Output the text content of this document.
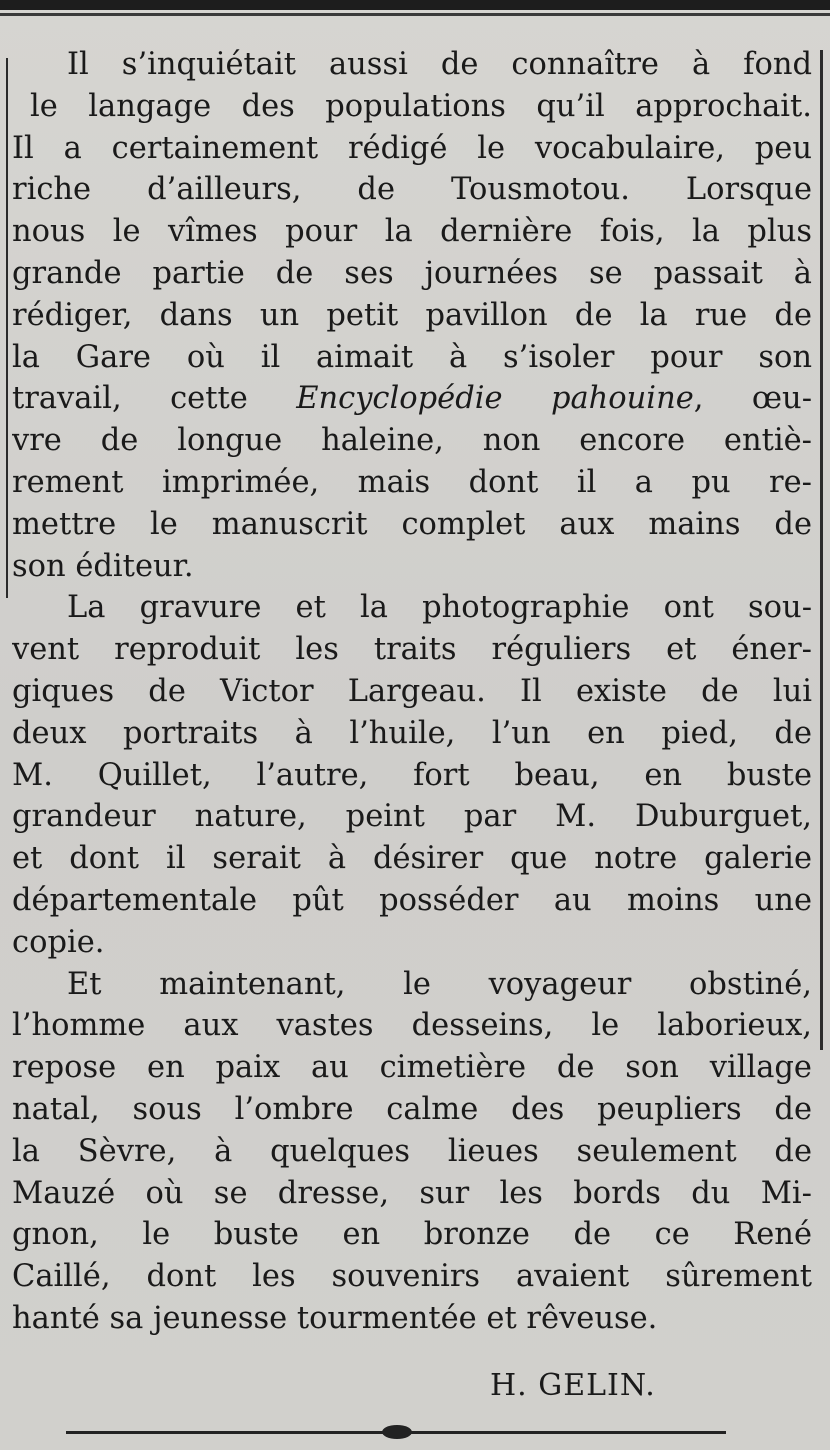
Il s’inquiétait aussi de connaître à fond
le langage des populations qu’il approchait.
Il a certainement rédigé le vocabulaire, peu
riche d’ailleurs, de Tousmotou. Lorsque
nous le vîmes pour la dernière fois, la plus
grande partie de ses journées se passait à
rédiger, dans un petit pavillon de la rue de
la Gare où il aimait à s’isoler pour son
travail, cette Encyclopédie pahouine, œu-
vre de longue haleine, non encore entiè-
rement imprimée, mais dont il a pu re-
mettre le manuscrit complet aux mains de
son éditeur.
La gravure et la photographie ont sou-
vent reproduit les traits réguliers et éner-
giques de Victor Largeau. Il existe de lui
deux portraits à l’huile, l’un en pied, de
M. Quillet, l’autre, fort beau, en buste
grandeur nature, peint par M. Duburguet,
et dont il serait à désirer que notre galerie
départementale pût posséder au moins une
copie.
Et maintenant, le voyageur obstiné,
l’homme aux vastes desseins, le laborieux,
repose en paix au cimetière de son village
natal, sous l’ombre calme des peupliers de
la Sèvre, à quelques lieues seulement de
Mauzé où se dresse, sur les bords du Mi-
gnon, le buste en bronze de ce René
Caillé, dont les souvenirs avaient sûrement
hanté sa jeunesse tourmentée et rêveuse.
H. GELIN.
